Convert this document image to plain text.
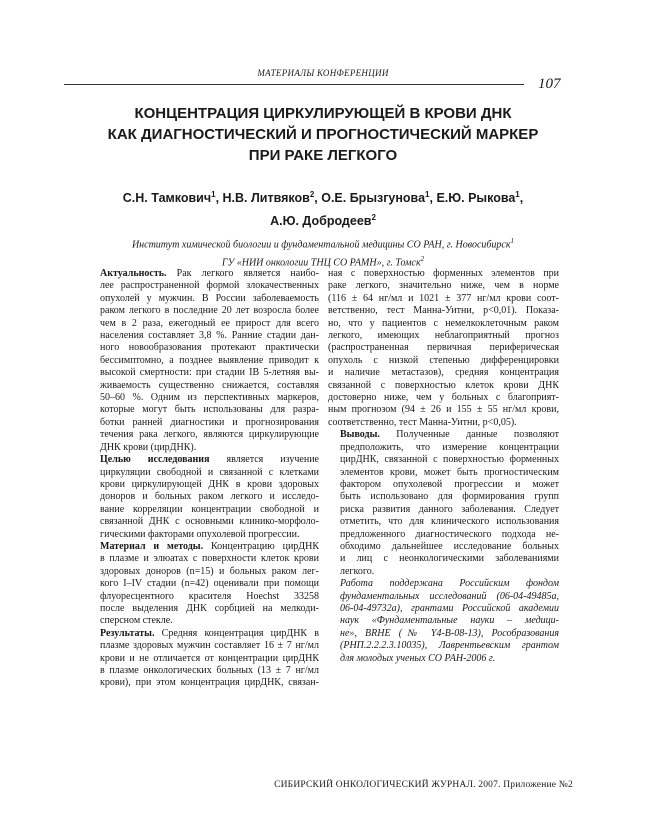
МАТЕРИАЛЫ КОНФЕРЕНЦИИ
107
КОНЦЕНТРАЦИЯ ЦИРКУЛИРУЮЩЕЙ В КРОВИ ДНК
КАК ДИАГНОСТИЧЕСКИЙ И ПРОГНОСТИЧЕСКИЙ МАРКЕР
ПРИ РАКЕ ЛЕГКОГО
С.Н. Тамкович$^1$, Н.В. Литвяков$^2$, О.Е. Брызгунова$^1$, Е.Ю. Рыкова$^1$,
А.Ю. Добродеев$^2$
Институт химической биологии и фундаментальной медицины СО РАН, г. Новосибирск$^1$
ГУ «НИИ онкологии ТНЦ СО РАМН», г. Томск$^2$

Актуальность. Рак легкого является наибо-
лее распространенной формой злокачественных
опухолей у мужчин. В России заболеваемость
раком легкого в последние 20 лет возросла более
чем в 2 раза, ежегодный ее прирост для всего
населения составляет 3,8 %. Ранние стадии дан-
ного новообразования протекают практически
бессимптомно, а позднее выявление приводит к
высокой смертности: при стадии IB 5-летняя вы-
живаемость существенно снижается, составляя
50–60 %. Одним из перспективных маркеров,
которые могут быть использованы для разра-
ботки ранней диагностики и прогнозирования
течения рака легкого, являются циркулирующие
ДНК крови (цирДНК).

Целью исследования является изучение
циркуляции свободной и связанной с клетками
крови циркулирующей ДНК в крови здоровых
доноров и больных раком легкого и исследо-
вание корреляции концентрации свободной и
связанной ДНК с основными клинико-морфоло-
гическими факторами опухолевой прогрессии.

Материал и методы. Концентрацию цирДНК
в плазме и элюатах с поверхности клеток крови
здоровых доноров (n=15) и больных раком лег-
кого I–IV стадии (n=42) оценивали при помощи
флуоресцентного красителя Hoechst 33258
после выделения ДНК сорбцией на мелкоди-
сперсном стекле.

Результаты. Средняя концентрация цирДНК в
плазме здоровых мужчин составляет 16 ± 7 нг/мл
крови и не отличается от концентрации цирДНК
в плазме онкологических больных (13 ± 7 нг/мл
крови), при этом концентрация цирДНК, связан-

ная с поверхностью форменных элементов при
раке легкого, значительно ниже, чем в норме
(116 ± 64 нг/мл и 1021 ± 377 нг/мл крови соот-
ветственно, тест Манна-Уитни, p<0,01). Показа-
но, что у пациентов с немелкоклеточным раком
легкого, имеющих неблагоприятный прогноз
(распространенная первичная периферическая
опухоль с низкой степенью дифференцировки
и наличие метастазов), средняя концентрация
связанной с поверхностью клеток крови ДНК
достоверно ниже, чем у больных с благоприят-
ным прогнозом (94 ± 26 и 155 ± 55 нг/мл крови,
соответственно, тест Манна-Уитни, p<0,05).

Выводы. Полученные данные позволяют
предположить, что измерение концентрации
цирДНК, связанной с поверхностью форменных
элементов крови, может быть прогностическим
фактором опухолевой прогрессии и может
быть использовано для формирования групп
риска развития данного заболевания. Следует
отметить, что для клинического использования
предложенного диагностического подхода не-
обходимо дальнейшее исследование больных
и лиц с неонкологическими заболеваниями
легкого.

Работа поддержана Российским фондом
фундаментальных исследований (06-04-49485а,
06-04-49732а), грантами Российской академии
наук «Фундаментальные науки – медици-
не», BRHE (№ Y4-B-08-13), Рособразования
(РНП.2.2.2.3.10035), Лаврентьевским грантом
для молодых ученых СО РАН-2006 г.

СИБИРСКИЙ ОНКОЛОГИЧЕСКИЙ ЖУРНАЛ. 2007. Приложение №2
